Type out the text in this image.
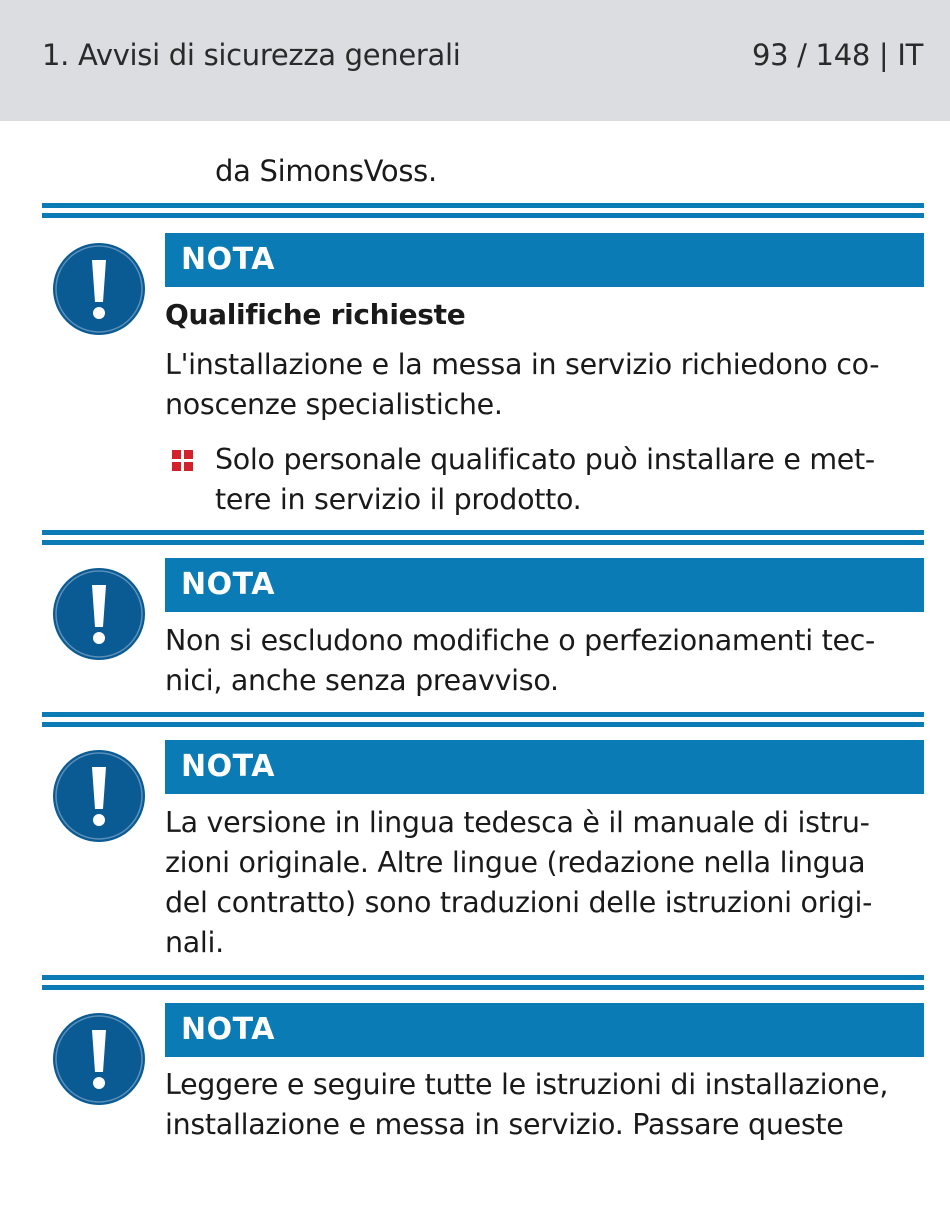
1. Avvisi di sicurezza generali	93 / 148 | IT
da SimonsVoss.
NOTA
Qualifiche richieste
L'installazione e la messa in servizio richiedono co-
noscenze specialistiche.
Solo personale qualificato può installare e met-
tere in servizio il prodotto.
NOTA
Non si escludono modifiche o perfezionamenti tec-
nici, anche senza preavviso.
NOTA
La versione in lingua tedesca è il manuale di istru-
zioni originale. Altre lingue (redazione nella lingua
del contratto) sono traduzioni delle istruzioni origi-
nali.
NOTA
Leggere e seguire tutte le istruzioni di installazione,
installazione e messa in servizio. Passare queste
